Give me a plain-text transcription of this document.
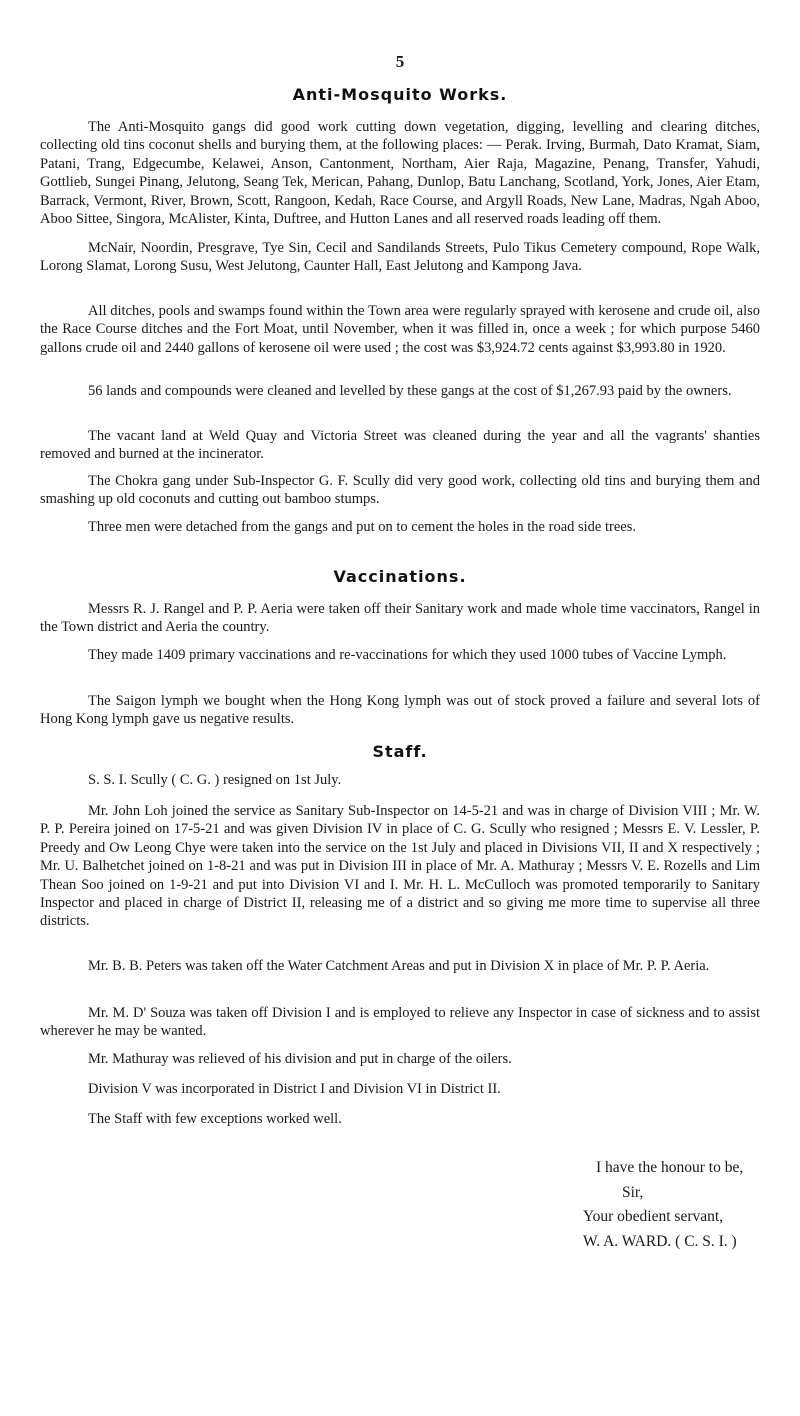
5
Anti-Mosquito Works.

The Anti-Mosquito gangs did good work cutting down vegetation, digging, levelling and clearing ditches, collecting old tins coconut shells and burying them, at the following places: — Perak. Irving, Burmah, Dato Kramat, Siam, Patani, Trang, Edgecumbe, Kelawei, Anson, Cantonment, Northam, Aier Raja, Magazine, Penang, Transfer, Yahudi, Gottlieb, Sungei Pinang, Jelutong, Seang Tek, Merican, Pahang, Dunlop, Batu Lanchang, Scotland, York, Jones, Aier Etam, Barrack, Vermont, River, Brown, Scott, Rangoon, Kedah, Race Course, and Argyll Roads, New Lane, Madras, Ngah Aboo, Aboo Sittee, Singora, McAlister, Kinta, Duftree, and Hutton Lanes and all reserved roads leading off them.

McNair, Noordin, Presgrave, Tye Sin, Cecil and Sandilands Streets, Pulo Tikus Cemetery compound, Rope Walk, Lorong Slamat, Lorong Susu, West Jelutong, Caunter Hall, East Jelutong and Kampong Java.

All ditches, pools and swamps found within the Town area were regularly sprayed with kerosene and crude oil, also the Race Course ditches and the Fort Moat, until November, when it was filled in, once a week ; for which purpose 5460 gallons crude oil and 2440 gallons of kerosene oil were used ; the cost was $3,924.72 cents against $3,993.80 in 1920.

56 lands and compounds were cleaned and levelled by these gangs at the cost of $1,267.93 paid by the owners.

The vacant land at Weld Quay and Victoria Street was cleaned during the year and all the vagrants' shanties removed and burned at the incinerator.

The Chokra gang under Sub-Inspector G. F. Scully did very good work, collecting old tins and burying them and smashing up old coconuts and cutting out bamboo stumps.

Three men were detached from the gangs and put on to cement the holes in the road side trees.

Vaccinations.

Messrs R. J. Rangel and P. P. Aeria were taken off their Sanitary work and made whole time vaccinators, Rangel in the Town district and Aeria the country.

They made 1409 primary vaccinations and re-vaccinations for which they used 1000 tubes of Vaccine Lymph.

The Saigon lymph we bought when the Hong Kong lymph was out of stock proved a failure and several lots of Hong Kong lymph gave us negative results.

Staff.

S. S. I. Scully ( C. G. ) resigned on 1st July.

Mr. John Loh joined the service as Sanitary Sub-Inspector on 14-5-21 and was in charge of Division VIII ; Mr. W. P. P. Pereira joined on 17-5-21 and was given Division IV in place of C. G. Scully who resigned ; Messrs E. V. Lessler, P. Preedy and Ow Leong Chye were taken into the service on the 1st July and placed in Divisions VII, II and X respectively ; Mr. U. Balhetchet joined on 1-8-21 and was put in Division III in place of Mr. A. Mathuray ; Messrs V. E. Rozells and Lim Thean Soo joined on 1-9-21 and put into Division VI and I. Mr. H. L. McCulloch was promoted temporarily to Sanitary Inspector and placed in charge of District II, releasing me of a district and so giving me more time to supervise all three districts.

Mr. B. B. Peters was taken off the Water Catchment Areas and put in Division X in place of Mr. P. P. Aeria.

Mr. M. D' Souza was taken off Division I and is employed to relieve any Inspector in case of sickness and to assist wherever he may be wanted.

Mr. Mathuray was relieved of his division and put in charge of the oilers.

Division V was incorporated in District I and Division VI in District II.

The Staff with few exceptions worked well.

I have the honour to be,

Sir,

Your obedient servant,

W. A. WARD. ( C. S. I. )
